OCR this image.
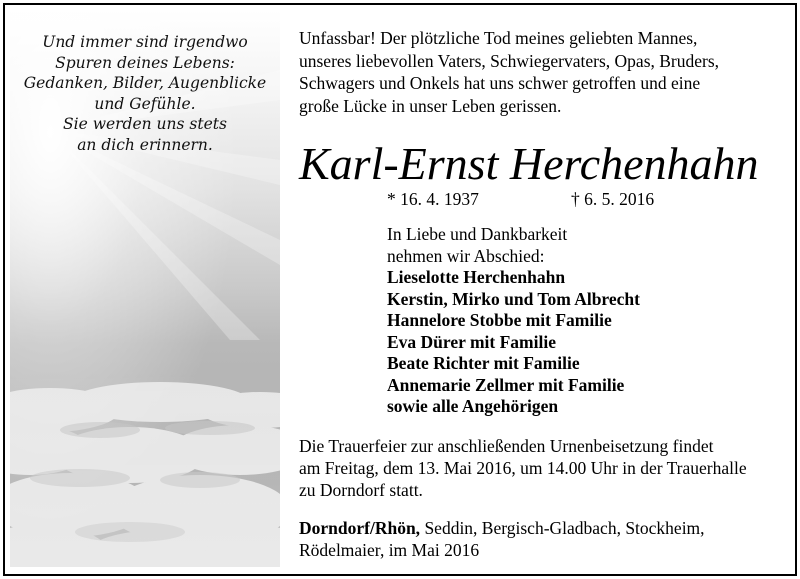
Und immer sind irgendwo
Spuren deines Lebens:
Gedanken, Bilder, Augenblicke
und Gefühle.
Sie werden uns stets
an dich erinnern.
Unfassbar! Der plötzliche Tod meines geliebten Mannes,
unseres liebevollen Vaters, Schwiegervaters, Opas, Bruders,
Schwagers und Onkels hat uns schwer getroffen und eine
große Lücke in unser Leben gerissen.
Karl-Ernst Herchenhahn
* 16. 4. 1937	† 6. 5. 2016
In Liebe und Dankbarkeit
nehmen wir Abschied:
Lieselotte Herchenhahn
Kerstin, Mirko und Tom Albrecht
Hannelore Stobbe mit Familie
Eva Dürer mit Familie
Beate Richter mit Familie
Annemarie Zellmer mit Familie
sowie alle Angehörigen
Die Trauerfeier zur anschließenden Urnenbeisetzung findet
am Freitag, dem 13. Mai 2016, um 14.00 Uhr in der Trauerhalle
zu Dorndorf statt.
Dorndorf/Rhön, Seddin, Bergisch-Gladbach, Stockheim,
Rödelmaier, im Mai 2016
